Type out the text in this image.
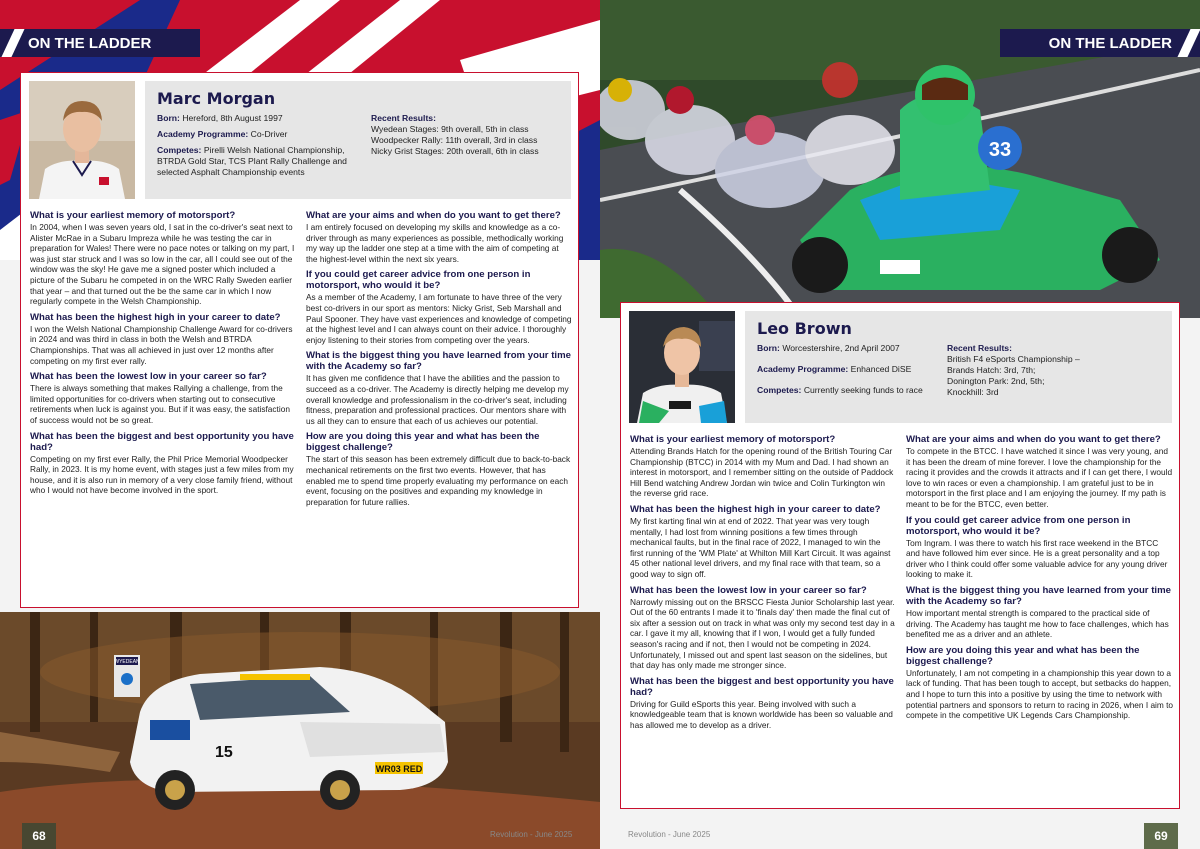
ON THE LADDER
Marc Morgan

Born: Hereford, 8th August 1997

Academy Programme: Co-Driver

Competes: Pirelli Welsh National Championship, BTRDA Gold Star, TCS Plant Rally Challenge and selected Asphalt Championship events

Recent Results:
Wyedean Stages: 9th overall, 5th in class
Woodpecker Rally: 11th overall, 3rd in class
Nicky Grist Stages: 20th overall, 6th in class
What is your earliest memory of motorsport?

In 2004, when I was seven years old, I sat in the co-driver's seat next to Alister McRae in a Subaru Impreza while he was testing the car in preparation for Wales! There were no pace notes or talking on my part, I was just star struck and I was so low in the car, all I could see out of the window was the sky! He gave me a signed poster which included a picture of the Subaru he competed in on the WRC Rally Sweden earlier that year – and that turned out the be the same car in which I now regularly compete in the Welsh Championship.

What has been the highest high in your career to date?

I won the Welsh National Championship Challenge Award for co-drivers in 2024 and was third in class in both the Welsh and BTRDA Championships. That was all achieved in just over 12 months after competing on my first ever rally.

What has been the lowest low in your career so far?

There is always something that makes Rallying a challenge, from the limited opportunities for co-drivers when starting out to consecutive retirements when luck is against you. But if it was easy, the satisfaction of success would not be so great.

What has been the biggest and best opportunity you have had?

Competing on my first ever Rally, the Phil Price Memorial Woodpecker Rally, in 2023. It is my home event, with stages just a few miles from my house, and it is also run in memory of a very close family friend, without who I would not have become involved in the sport.

What are your aims and when do you want to get there?

I am entirely focused on developing my skills and knowledge as a co-driver through as many experiences as possible, methodically working my way up the ladder one step at a time with the aim of competing at the highest-level within the next six years.

If you could get career advice from one person in motorsport, who would it be?

As a member of the Academy, I am fortunate to have three of the very best co-drivers in our sport as mentors: Nicky Grist, Seb Marshall and Paul Spooner. They have vast experiences and knowledge of competing at the highest level and I can always count on their advice. I thoroughly enjoy listening to their stories from competing over the years.

What is the biggest thing you have learned from your time with the Academy so far?

It has given me confidence that I have the abilities and the passion to succeed as a co-driver. The Academy is directly helping me develop my overall knowledge and professionalism in the co-driver's seat, including fitness, preparation and professional practices. Our mentors share with us all they can to ensure that each of us achieves our potential.

How are you doing this year and what has been the biggest challenge?

The start of this season has been extremely difficult due to back-to-back mechanical retirements on the first two events. However, that has enabled me to spend time properly evaluating my performance on each event, focusing on the positives and expanding my knowledge in preparation for future rallies.

WYEDEAN
WR03 RED
15
68	Revolution - June 2025
33
ON THE LADDER
Leo Brown

Born: Worcestershire, 2nd April 2007

Academy Programme: Enhanced DiSE

Competes: Currently seeking funds to race

Recent Results:
British F4 eSports Championship –
Brands Hatch: 3rd, 7th;
Donington Park: 2nd, 5th;
Knockhill: 3rd
What is your earliest memory of motorsport?

Attending Brands Hatch for the opening round of the British Touring Car Championship (BTCC) in 2014 with my Mum and Dad. I had shown an interest in motorsport, and I remember sitting on the outside of Paddock Hill Bend watching Andrew Jordan win twice and Colin Turkington win the reverse grid race.

What has been the highest high in your career to date?

My first karting final win at end of 2022. That year was very tough mentally, I had lost from winning positions a few times through mechanical faults, but in the final race of 2022, I managed to win the first running of the 'WM Plate' at Whilton Mill Kart Circuit. It was against 45 other national level drivers, and my final race with that team, so a good way to sign off.

What has been the lowest low in your career so far?

Narrowly missing out on the BRSCC Fiesta Junior Scholarship last year. Out of the 60 entrants I made it to 'finals day' then made the final cut of six after a session out on track in what was only my second test day in a car. I gave it my all, knowing that if I won, I would get a fully funded season's racing and if not, then I would not be competing in 2024. Unfortunately, I missed out and spent last season on the sidelines, but that day has only made me stronger since.

What has been the biggest and best opportunity you have had?

Driving for Guild eSports this year. Being involved with such a knowledgeable team that is known worldwide has been so valuable and has allowed me to develop as a driver.

What are your aims and when do you want to get there?

To compete in the BTCC. I have watched it since I was very young, and it has been the dream of mine forever. I love the championship for the racing it provides and the crowds it attracts and if I can get there, I would love to win races or even a championship. I am grateful just to be in motorsport in the first place and I am enjoying the journey. If my path is meant to be for the BTCC, even better.

If you could get career advice from one person in motorsport, who would it be?

Tom Ingram. I was there to watch his first race weekend in the BTCC and have followed him ever since. He is a great personality and a top driver who I think could offer some valuable advice for any young driver looking to make it.

What is the biggest thing you have learned from your time with the Academy so far?

How important mental strength is compared to the practical side of driving. The Academy has taught me how to face challenges, which has benefited me as a driver and an athlete.

How are you doing this year and what has been the biggest challenge?

Unfortunately, I am not competing in a championship this year down to a lack of funding. That has been tough to accept, but setbacks do happen, and I hope to turn this into a positive by using the time to network with potential partners and sponsors to return to racing in 2026, when I aim to compete in the competitive UK Legends Cars Championship.

Revolution - June 2025	69
